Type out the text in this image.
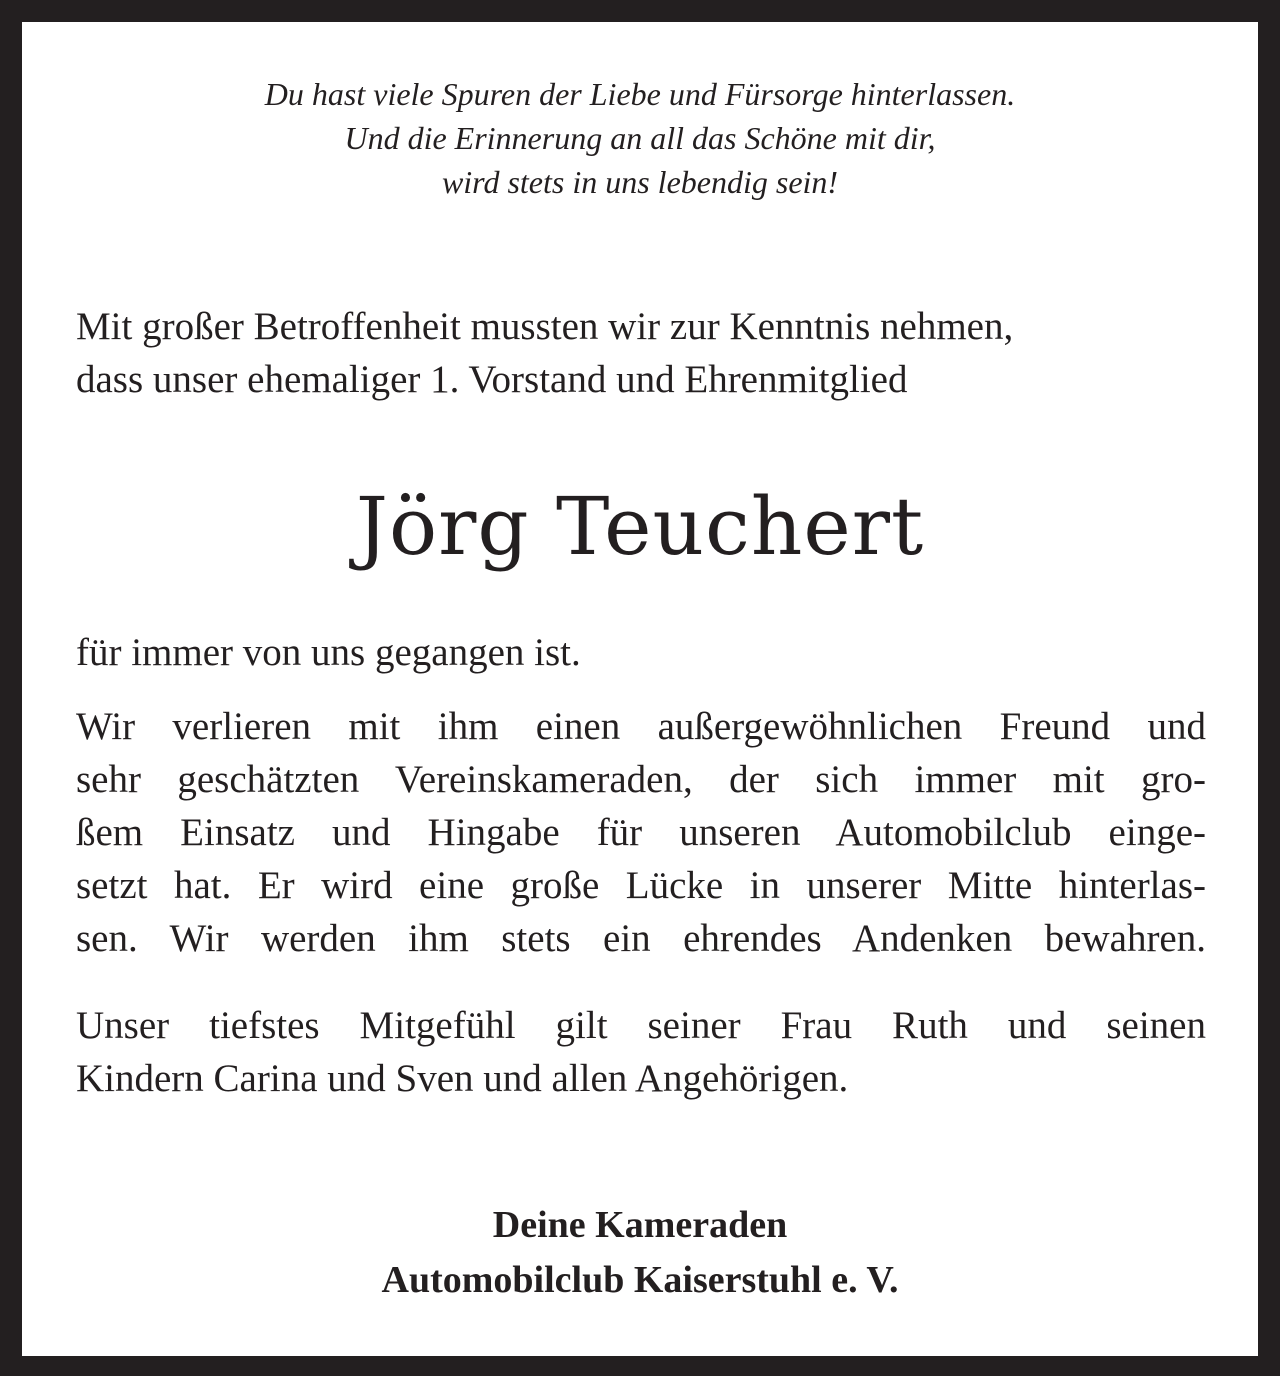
Du hast viele Spuren der Liebe und Fürsorge hinterlassen.
Und die Erinnerung an all das Schöne mit dir,
wird stets in uns lebendig sein!
Mit großer Betroffenheit mussten wir zur Kenntnis nehmen,
dass unser ehemaliger 1. Vorstand und Ehrenmitglied
Jörg Teuchert
für immer von uns gegangen ist.
Wir verlieren mit ihm einen außergewöhnlichen Freund und
sehr geschätzten Vereinskameraden, der sich immer mit gro-
ßem Einsatz und Hingabe für unseren Automobilclub einge-
setzt hat. Er wird eine große Lücke in unserer Mitte hinterlas-
sen. Wir werden ihm stets ein ehrendes Andenken bewahren.
Unser tiefstes Mitgefühl gilt seiner Frau Ruth und seinen
Kindern Carina und Sven und allen Angehörigen.
Deine Kameraden
Automobilclub Kaiserstuhl e. V.
